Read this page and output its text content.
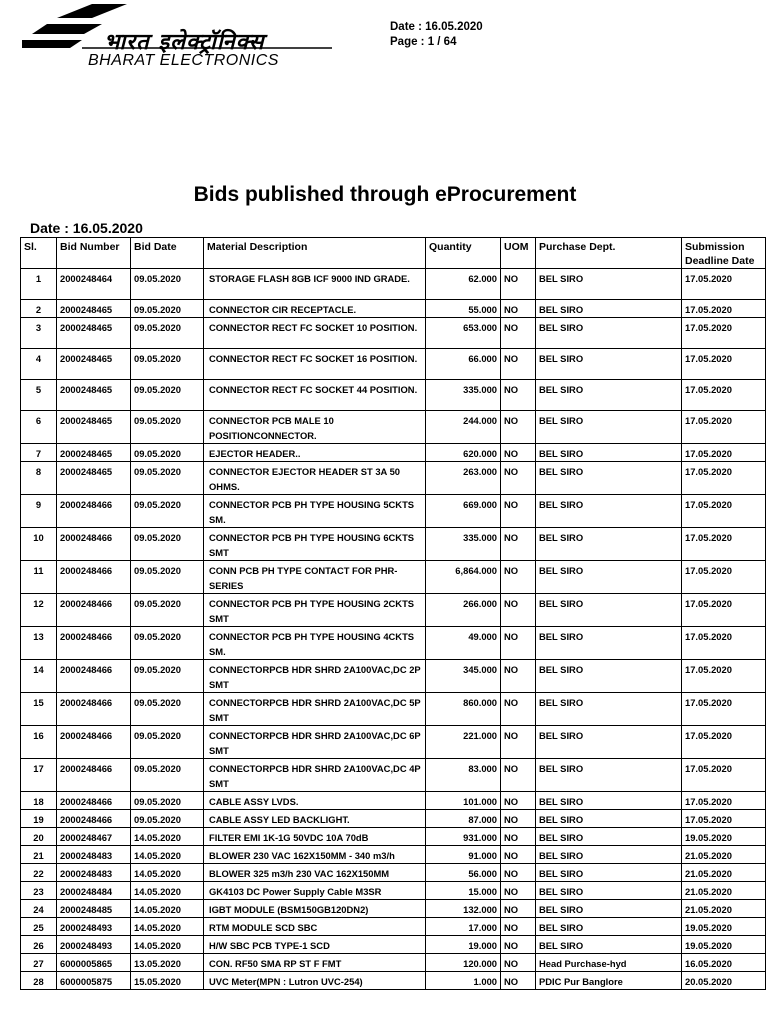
भारत इलेक्ट्रॉनिक्स
BHARAT ELECTRONICS
Date : 16.05.2020
Page : 1 / 64
Bids published through eProcurement
Date : 16.05.2020
Sl.	Bid Number	Bid Date	Material Description	Quantity	UOM	Purchase Dept.	Submission Deadline Date
1	2000248464	09.05.2020	STORAGE FLASH 8GB ICF 9000 IND GRADE.	62.000	NO	BEL SIRO	17.05.2020
2	2000248465	09.05.2020	CONNECTOR CIR RECEPTACLE.	55.000	NO	BEL SIRO	17.05.2020
3	2000248465	09.05.2020	CONNECTOR RECT FC SOCKET 10 POSITION.	653.000	NO	BEL SIRO	17.05.2020
4	2000248465	09.05.2020	CONNECTOR RECT FC SOCKET 16 POSITION.	66.000	NO	BEL SIRO	17.05.2020
5	2000248465	09.05.2020	CONNECTOR RECT FC SOCKET 44 POSITION.	335.000	NO	BEL SIRO	17.05.2020
6	2000248465	09.05.2020	CONNECTOR PCB MALE 10 POSITIONCONNECTOR.	244.000	NO	BEL SIRO	17.05.2020
7	2000248465	09.05.2020	EJECTOR HEADER..	620.000	NO	BEL SIRO	17.05.2020
8	2000248465	09.05.2020	CONNECTOR EJECTOR HEADER ST 3A 50 OHMS.	263.000	NO	BEL SIRO	17.05.2020
9	2000248466	09.05.2020	CONNECTOR PCB PH TYPE HOUSING 5CKTS SM.	669.000	NO	BEL SIRO	17.05.2020
10	2000248466	09.05.2020	CONNECTOR PCB PH TYPE HOUSING 6CKTS SMT	335.000	NO	BEL SIRO	17.05.2020
11	2000248466	09.05.2020	CONN PCB PH TYPE CONTACT FOR PHR-SERIES	6,864.000	NO	BEL SIRO	17.05.2020
12	2000248466	09.05.2020	CONNECTOR PCB PH TYPE HOUSING 2CKTS SMT	266.000	NO	BEL SIRO	17.05.2020
13	2000248466	09.05.2020	CONNECTOR PCB PH TYPE HOUSING 4CKTS SM.	49.000	NO	BEL SIRO	17.05.2020
14	2000248466	09.05.2020	CONNECTORPCB HDR SHRD 2A100VAC,DC 2P SMT	345.000	NO	BEL SIRO	17.05.2020
15	2000248466	09.05.2020	CONNECTORPCB HDR SHRD 2A100VAC,DC 5P SMT	860.000	NO	BEL SIRO	17.05.2020
16	2000248466	09.05.2020	CONNECTORPCB HDR SHRD 2A100VAC,DC 6P SMT	221.000	NO	BEL SIRO	17.05.2020
17	2000248466	09.05.2020	CONNECTORPCB HDR SHRD 2A100VAC,DC 4P SMT	83.000	NO	BEL SIRO	17.05.2020
18	2000248466	09.05.2020	CABLE ASSY LVDS.	101.000	NO	BEL SIRO	17.05.2020
19	2000248466	09.05.2020	CABLE ASSY LED BACKLIGHT.	87.000	NO	BEL SIRO	17.05.2020
20	2000248467	14.05.2020	FILTER EMI 1K-1G 50VDC 10A 70dB	931.000	NO	BEL SIRO	19.05.2020
21	2000248483	14.05.2020	BLOWER 230 VAC 162X150MM - 340 m3/h	91.000	NO	BEL SIRO	21.05.2020
22	2000248483	14.05.2020	BLOWER 325 m3/h 230 VAC 162X150MM	56.000	NO	BEL SIRO	21.05.2020
23	2000248484	14.05.2020	GK4103 DC Power Supply Cable M3SR	15.000	NO	BEL SIRO	21.05.2020
24	2000248485	14.05.2020	IGBT MODULE (BSM150GB120DN2)	132.000	NO	BEL SIRO	21.05.2020
25	2000248493	14.05.2020	RTM MODULE SCD SBC	17.000	NO	BEL SIRO	19.05.2020
26	2000248493	14.05.2020	H/W SBC PCB TYPE-1 SCD	19.000	NO	BEL SIRO	19.05.2020
27	6000005865	13.05.2020	CON. RF50 SMA RP ST F FMT	120.000	NO	Head Purchase-hyd	16.05.2020
28	6000005875	15.05.2020	UVC Meter(MPN : Lutron UVC-254)	1.000	NO	PDIC Pur Banglore	20.05.2020
